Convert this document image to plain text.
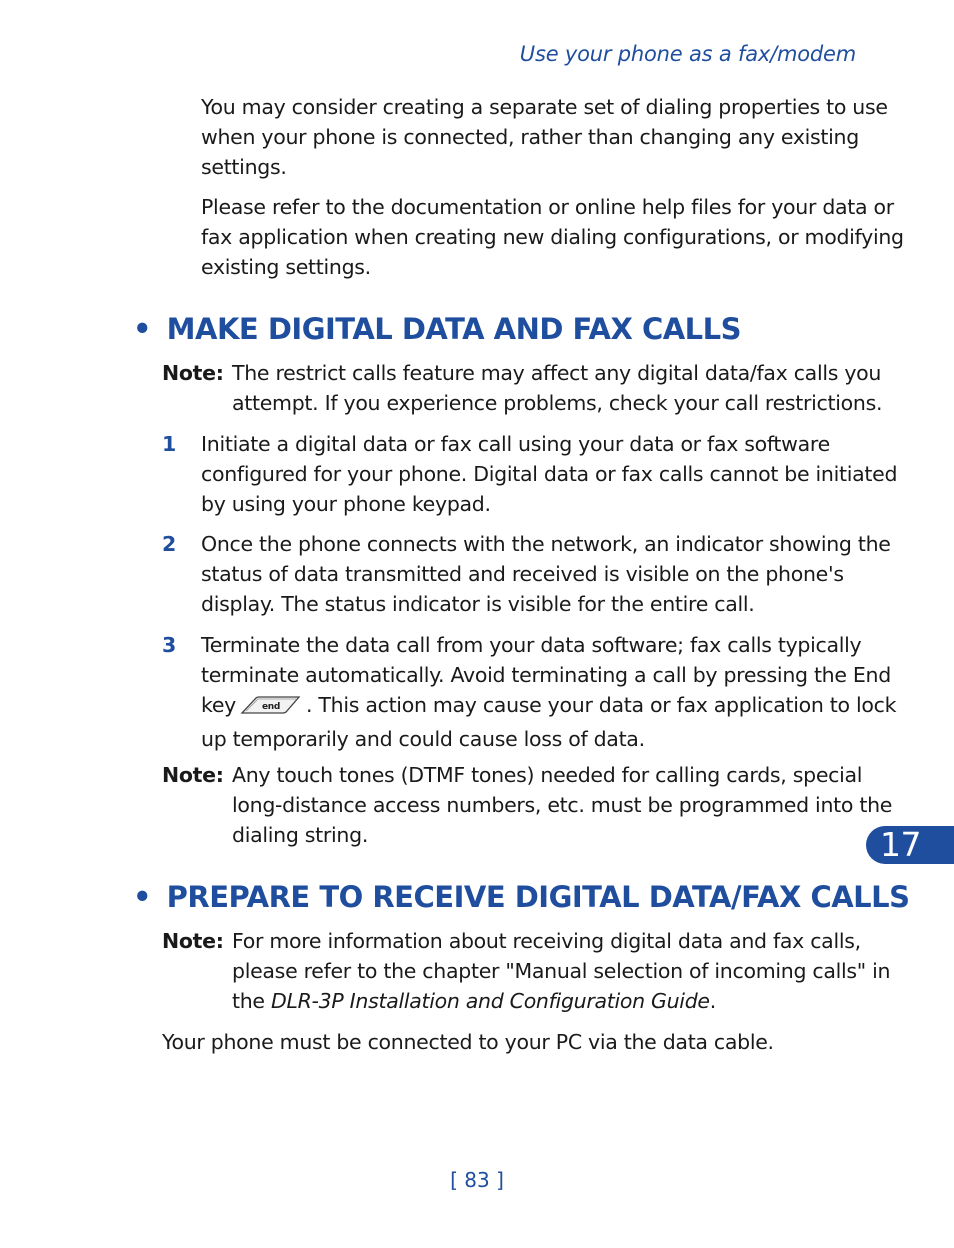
Use your phone as a fax/modem
You may consider creating a separate set of dialing properties to use
when your phone is connected, rather than changing any existing
settings.
Please refer to the documentation or online help files for your data or
fax application when creating new dialing configurations, or modifying
existing settings.
• MAKE DIGITAL DATA AND FAX CALLS
Note: The restrict calls feature may affect any digital data/fax calls you
attempt. If you experience problems, check your call restrictions.
1 Initiate a digital data or fax call using your data or fax software
configured for your phone. Digital data or fax calls cannot be initiated
by using your phone keypad.
2 Once the phone connects with the network, an indicator showing the
status of data transmitted and received is visible on the phone's
display. The status indicator is visible for the entire call.
3 Terminate the data call from your data software; fax calls typically
terminate automatically. Avoid terminating a call by pressing the End
key	end . This action may cause your data or fax application to lock
up temporarily and could cause loss of data.
Note: Any touch tones (DTMF tones) needed for calling cards, special
long-distance access numbers, etc. must be programmed into the
dialing string.	17
• PREPARE TO RECEIVE DIGITAL DATA/FAX CALLS
Note: For more information about receiving digital data and fax calls,
please refer to the chapter "Manual selection of incoming calls" in
the DLR-3P Installation and Configuration Guide.
Your phone must be connected to your PC via the data cable.
[ 83 ]
